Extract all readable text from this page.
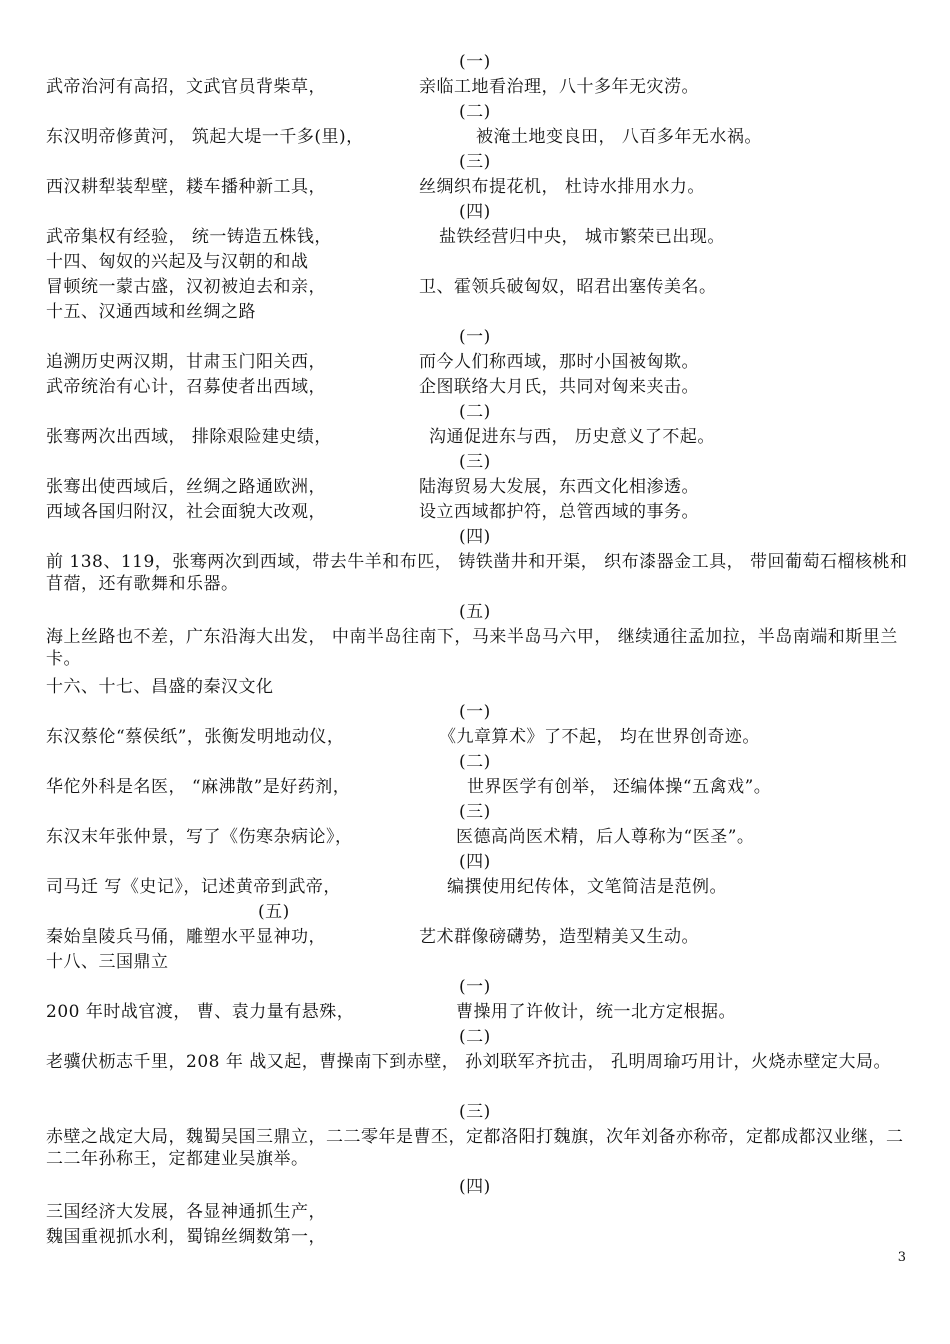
(一)
武帝治河有高招，文武官员背柴草，	亲临工地看治理，八十多年无灾涝。
(二)
东汉明帝修黄河， 筑起大堤一千多(里)，	被淹土地变良田， 八百多年无水祸。
(三)
西汉耕犁装犁壁，耧车播种新工具，	丝绸织布提花机， 杜诗水排用水力。
(四)
武帝集权有经验， 统一铸造五株钱，	盐铁经营归中央， 城市繁荣已出现。
十四、匈奴的兴起及与汉朝的和战
冒顿统一蒙古盛，汉初被迫去和亲，	卫、霍领兵破匈奴，昭君出塞传美名。
十五、汉通西域和丝绸之路
(一)
追溯历史两汉期，甘肃玉门阳关西，	而今人们称西域，那时小国被匈欺。
武帝统治有心计，召募使者出西域，	企图联络大月氏，共同对匈来夹击。
(二)
张骞两次出西域， 排除艰险建史绩，	沟通促进东与西， 历史意义了不起。
(三)
张骞出使西域后，丝绸之路通欧洲，	陆海贸易大发展，东西文化相渗透。
西域各国归附汉，社会面貌大改观，	设立西域都护符，总管西域的事务。
(四)
前 138、119，张骞两次到西域，带去牛羊和布匹， 铸铁凿井和开渠， 织布漆器金工具， 带回葡萄石榴核桃和苜蓿，还有歌舞和乐器。
(五)
海上丝路也不差，广东沿海大出发， 中南半岛往南下，马来半岛马六甲， 继续通往孟加拉，半岛南端和斯里兰卡。
十六、十七、昌盛的秦汉文化
(一)
东汉蔡伦“蔡侯纸”，张衡发明地动仪，	《九章算术》了不起， 均在世界创奇迹。
(二)
华佗外科是名医， “麻沸散”是好药剂，	世界医学有创举， 还编体操“五禽戏”。
(三)
东汉末年张仲景，写了《伤寒杂病论》，	医德高尚医术精，后人尊称为“医圣”。
(四)
司马迁 写《史记》，记述黄帝到武帝，	编撰使用纪传体，文笔简洁是范例。
(五)
秦始皇陵兵马俑，雕塑水平显神功，	艺术群像磅礴势，造型精美又生动。
十八、三国鼎立
(一)
200 年时战官渡， 曹、袁力量有悬殊，	曹操用了许攸计，统一北方定根据。
(二)
老骥伏枥志千里，208 年 战又起，曹操南下到赤壁， 孙刘联军齐抗击， 孔明周瑜巧用计，火烧赤壁定大局。
(三)
赤壁之战定大局，魏蜀吴国三鼎立，二二零年是曹丕，定都洛阳打魏旗，次年刘备亦称帝，定都成都汉业继，二二二年孙称王，定都建业吴旗举。
(四)
三国经济大发展，各显神通抓生产，
魏国重视抓水利，蜀锦丝绸数第一，
3
